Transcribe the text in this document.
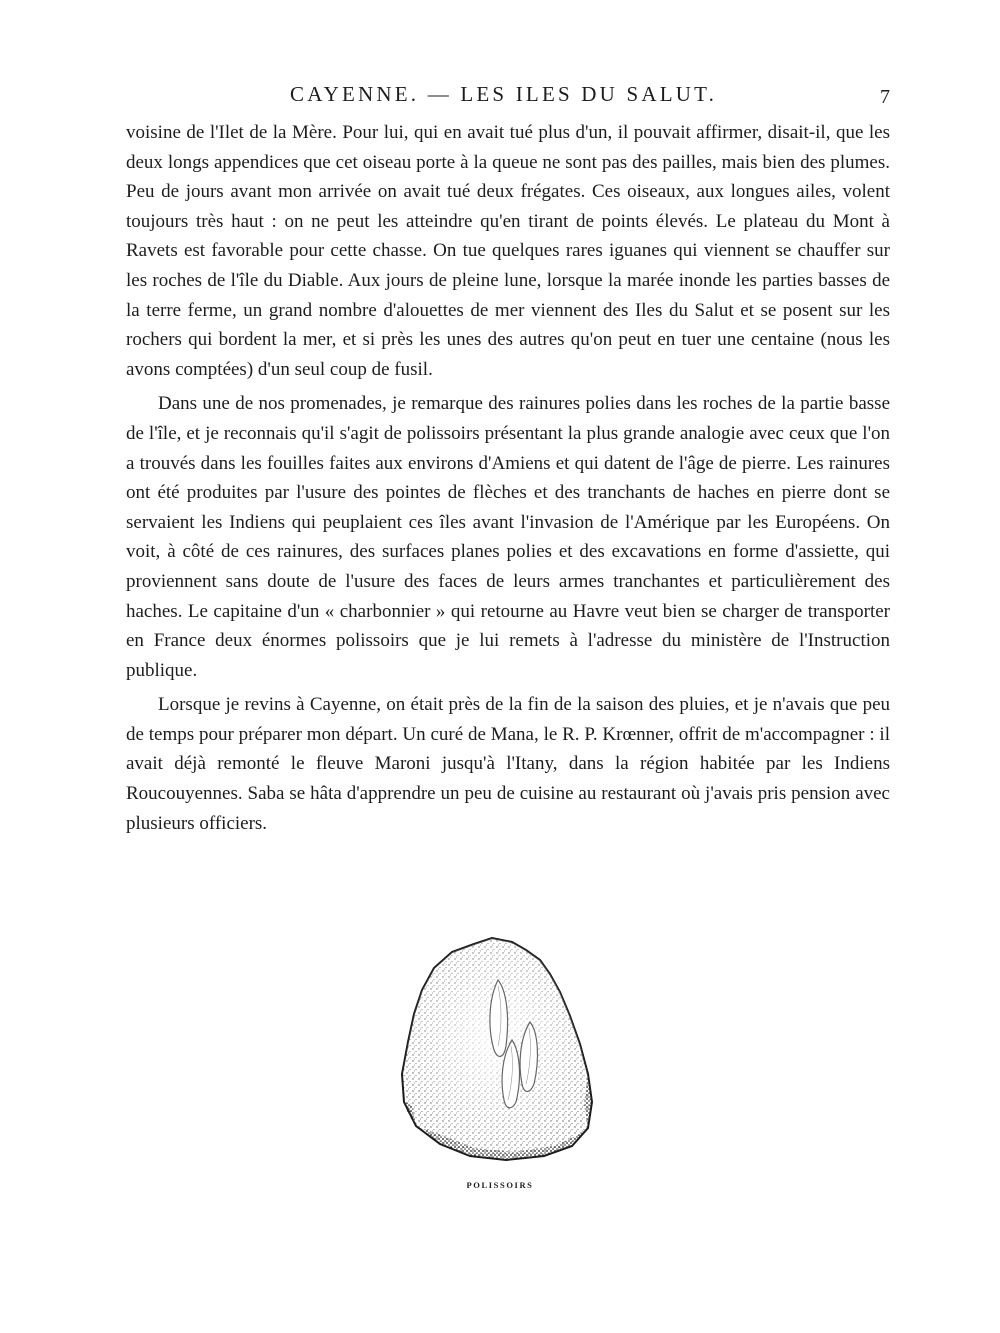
CAYENNE. — LES ILES DU SALUT.	7

voisine de l'Ilet de la Mère. Pour lui, qui en avait tué plus d'un, il pouvait affirmer, disait-il, que les deux longs appendices que cet oiseau porte à la queue ne sont pas des pailles, mais bien des plumes. Peu de jours avant mon arrivée on avait tué deux frégates. Ces oiseaux, aux longues ailes, volent toujours très haut : on ne peut les atteindre qu'en tirant de points élevés. Le plateau du Mont à Ravets est favorable pour cette chasse. On tue quelques rares iguanes qui viennent se chauffer sur les roches de l'île du Diable. Aux jours de pleine lune, lorsque la marée inonde les parties basses de la terre ferme, un grand nombre d'alouettes de mer viennent des Iles du Salut et se posent sur les rochers qui bordent la mer, et si près les unes des autres qu'on peut en tuer une centaine (nous les avons comptées) d'un seul coup de fusil.

Dans une de nos promenades, je remarque des rainures polies dans les roches de la partie basse de l'île, et je reconnais qu'il s'agit de polissoirs présentant la plus grande analogie avec ceux que l'on a trouvés dans les fouilles faites aux environs d'Amiens et qui datent de l'âge de pierre. Les rainures ont été produites par l'usure des pointes de flèches et des tranchants de haches en pierre dont se servaient les Indiens qui peuplaient ces îles avant l'invasion de l'Amérique par les Européens. On voit, à côté de ces rainures, des surfaces planes polies et des excavations en forme d'assiette, qui proviennent sans doute de l'usure des faces de leurs armes tranchantes et particulièrement des haches. Le capitaine d'un « charbonnier » qui retourne au Havre veut bien se charger de transporter en France deux énormes polissoirs que je lui remets à l'adresse du ministère de l'Instruction publique.

Lorsque je revins à Cayenne, on était près de la fin de la saison des pluies, et je n'avais que peu de temps pour préparer mon départ. Un curé de Mana, le R. P. Krœnner, offrit de m'accompagner : il avait déjà remonté le fleuve Maroni jusqu'à l'Itany, dans la région habitée par les Indiens Roucouyennes. Saba se hâta d'apprendre un peu de cuisine au restaurant où j'avais pris pension avec plusieurs officiers.

POLISSOIRS
